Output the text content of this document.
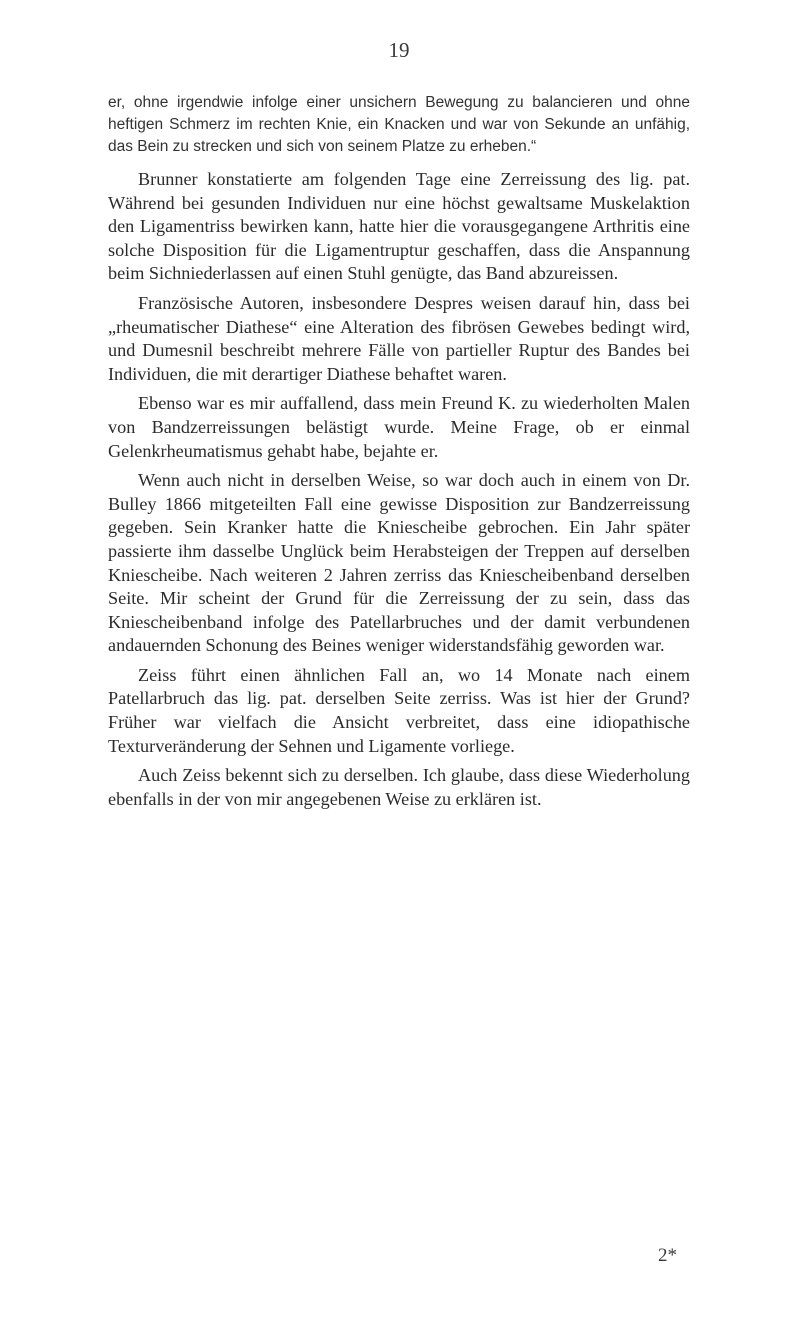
19

er, ohne irgendwie infolge einer unsichern Bewegung zu balancieren und ohne heftigen Schmerz im rechten Knie, ein Knacken und war von Sekunde an unfähig, das Bein zu strecken und sich von seinem Platze zu erheben.“

Brunner konstatierte am folgenden Tage eine Zerreissung des lig. pat. Während bei gesunden Individuen nur eine höchst gewaltsame Muskelaktion den Ligamentriss bewirken kann, hatte hier die vorausgegangene Arthritis eine solche Disposition für die Ligamentruptur geschaffen, dass die Anspannung beim Sichniederlassen auf einen Stuhl genügte, das Band abzureissen.

Französische Autoren, insbesondere Despres weisen darauf hin, dass bei „rheumatischer Diathese“ eine Alteration des fibrösen Gewebes bedingt wird, und Dumesnil beschreibt mehrere Fälle von partieller Ruptur des Bandes bei Individuen, die mit derartiger Diathese behaftet waren.

Ebenso war es mir auffallend, dass mein Freund K. zu wiederholten Malen von Bandzerreissungen belästigt wurde. Meine Frage, ob er einmal Gelenkrheumatismus gehabt habe, bejahte er.

Wenn auch nicht in derselben Weise, so war doch auch in einem von Dr. Bulley 1866 mitgeteilten Fall eine gewisse Disposition zur Bandzerreissung gegeben. Sein Kranker hatte die Kniescheibe gebrochen. Ein Jahr später passierte ihm dasselbe Unglück beim Herabsteigen der Treppen auf derselben Kniescheibe. Nach weiteren 2 Jahren zerriss das Kniescheibenband derselben Seite. Mir scheint der Grund für die Zerreissung der zu sein, dass das Kniescheibenband infolge des Patellarbruches und der damit verbundenen andauernden Schonung des Beines weniger widerstandsfähig geworden war.

Zeiss führt einen ähnlichen Fall an, wo 14 Monate nach einem Patellarbruch das lig. pat. derselben Seite zerriss. Was ist hier der Grund? Früher war vielfach die Ansicht verbreitet, dass eine idiopathische Texturveränderung der Sehnen und Ligamente vorliege.

Auch Zeiss bekennt sich zu derselben. Ich glaube, dass diese Wiederholung ebenfalls in der von mir angegebenen Weise zu erklären ist.

2*
